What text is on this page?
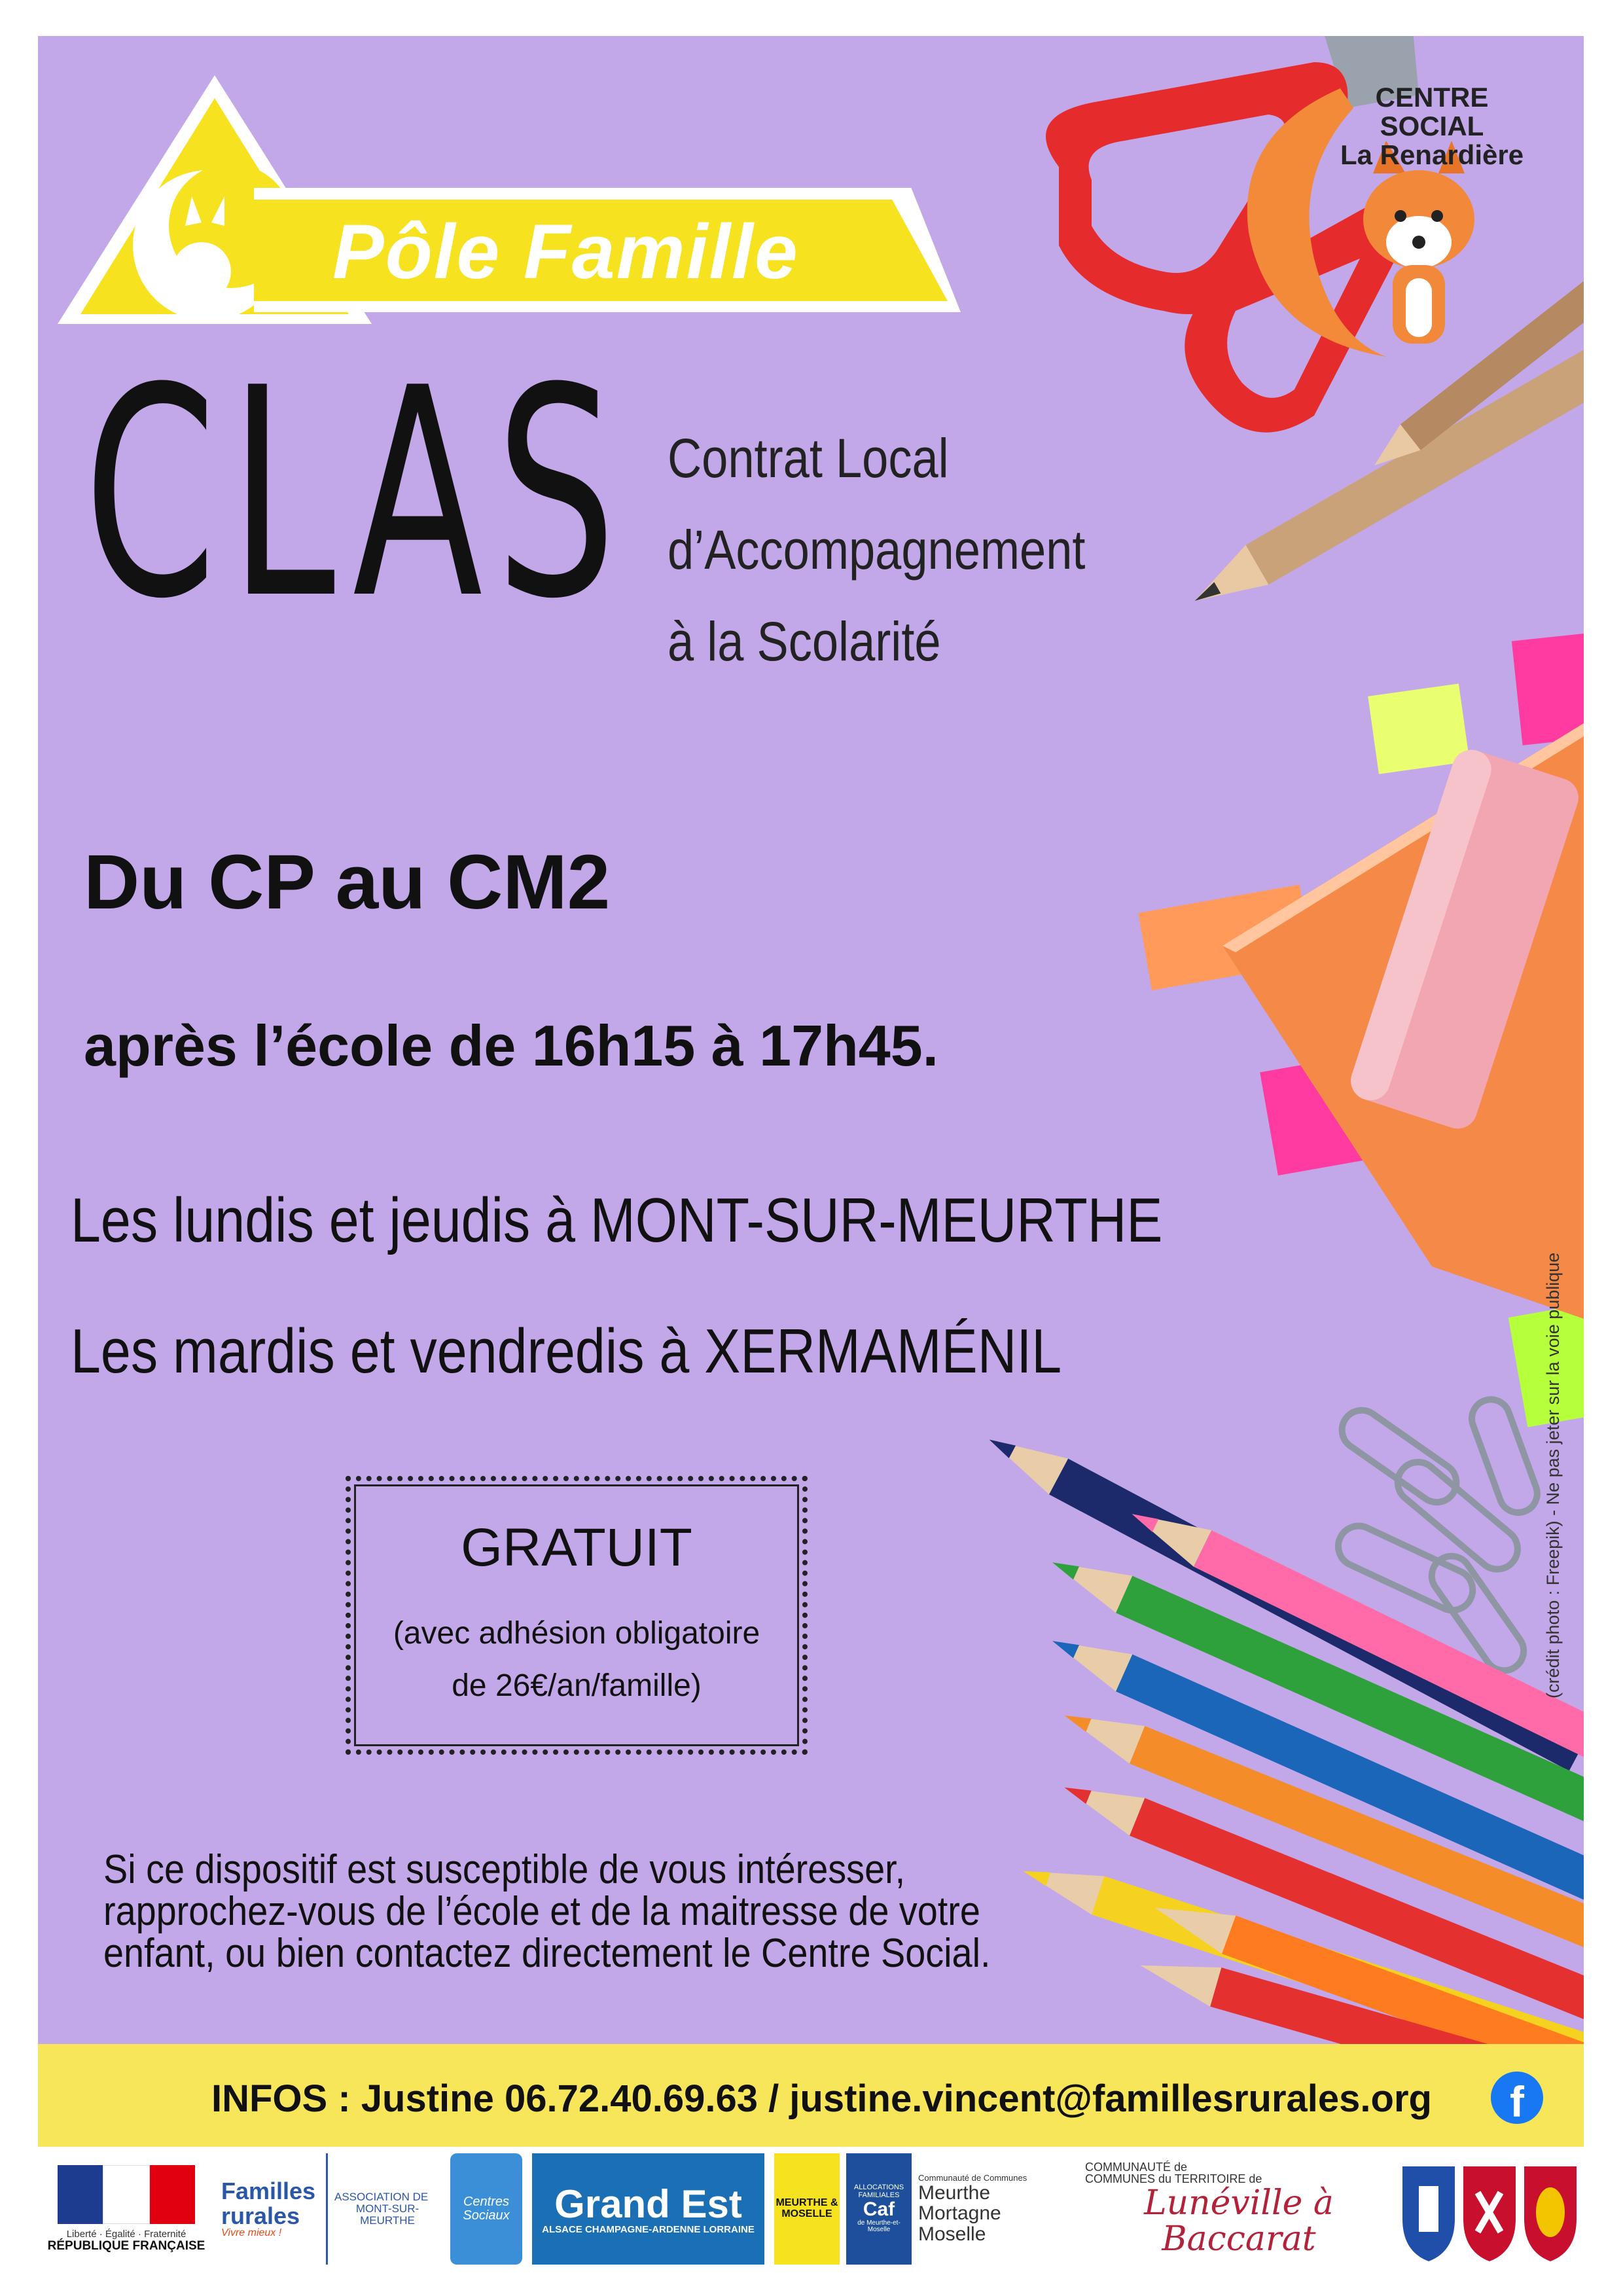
Pôle Famille
CENTRE SOCIAL
La Renardière
CLAS Contrat Local
d’Accompagnement
à la Scolarité
Du CP au CM2
après l’école de 16h15 à 17h45.
Les lundis et jeudis à MONT-SUR-MEURTHE
Les mardis et vendredis à XERMAMÉNIL
GRATUIT
(avec adhésion obligatoire
de 26€/an/famille)
Si ce dispositif est susceptible de vous intéresser,
rapprochez-vous de l’école et de la maitresse de votre
enfant, ou bien contactez directement le Centre Social.
(crédit photo : Freepik) - Ne pas jeter sur la voie publique
INFOS : Justine 06.72.40.69.63 / justine.vincent@famillesrurales.org	f
Liberté · Égalité · Fraternité
RÉPUBLIQUE FRANÇAISE
Familles
rurales
Vivre mieux !
ASSOCIATION DE
MONT-SUR-MEURTHE
Centres
Sociaux Grand Est
ALSACE CHAMPAGNE-ARDENNE LORRAINE
MEURTHE & MOSELLE
ALLOCATIONS FAMILIALES
Caf
de Meurthe-et-Moselle
Communauté de Communes
Meurthe
Mortagne
Moselle
COMMUNAUTÉ de
COMMUNES du TERRITOIRE de
Lunéville à Baccarat
